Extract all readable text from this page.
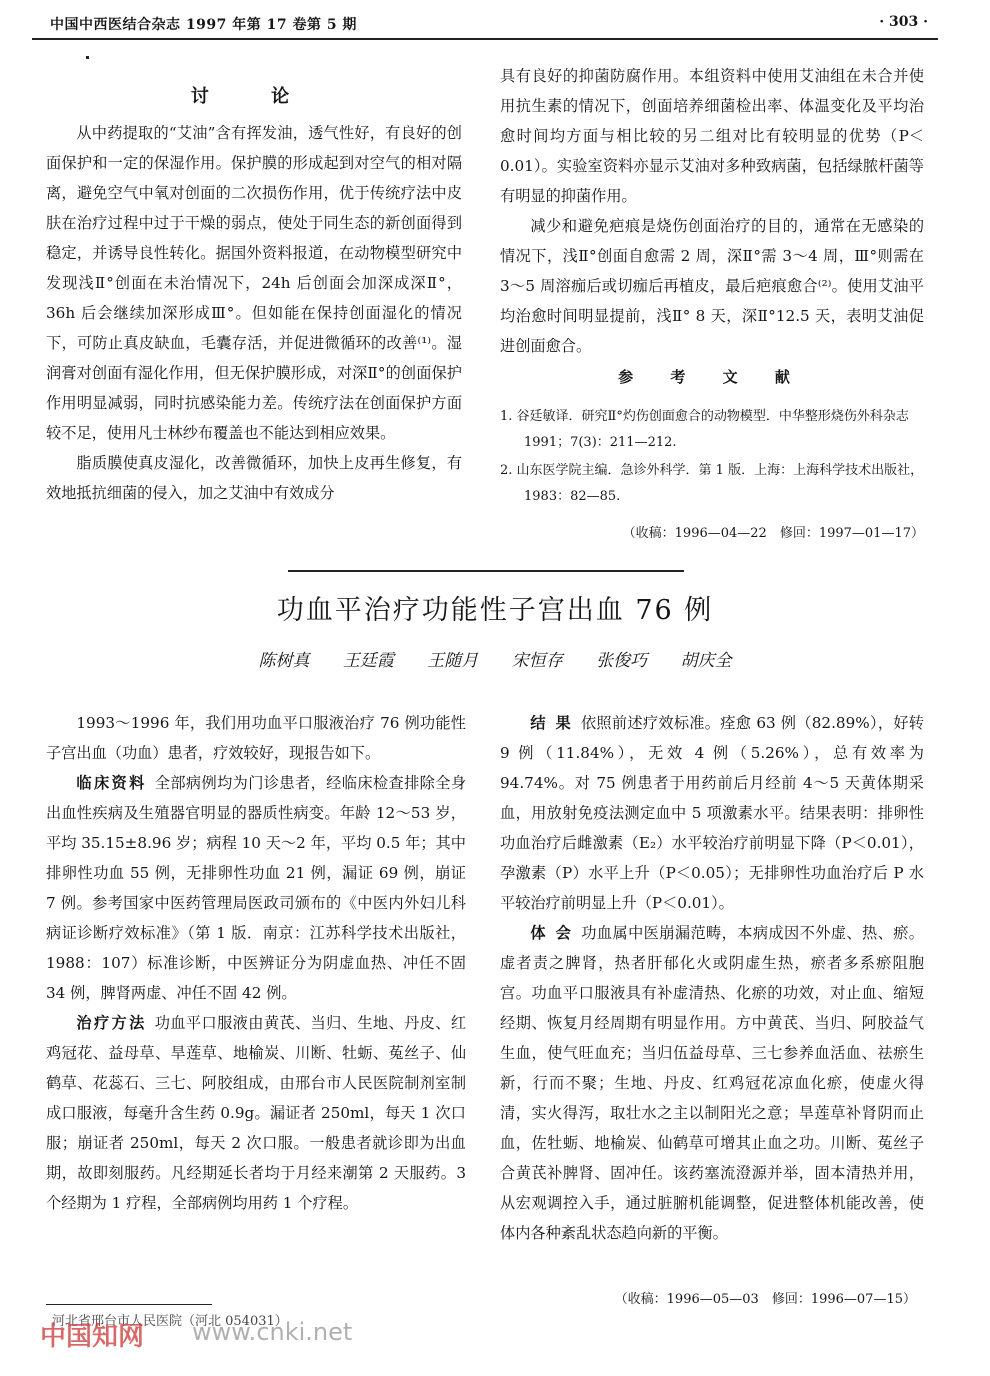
中国中西医结合杂志 1997 年第 17 卷第 5 期	· 303 ·
讨 论

从中药提取的“艾油”含有挥发油，透气性好，有良好的创面保护和一定的保湿作用。保护膜的形成起到对空气的相对隔离，避免空气中氧对创面的二次损伤作用，优于传统疗法中皮肤在治疗过程中过于干燥的弱点，使处于同生态的新创面得到稳定，并诱导良性转化。据国外资料报道，在动物模型研究中发现浅Ⅱ°创面在未治情况下，24h 后创面会加深成深Ⅱ°，36h 后会继续加深形成Ⅲ°。但如能在保持创面湿化的情况下，可防止真皮缺血，毛囊存活，并促进微循环的改善⁽¹⁾。湿润膏对创面有湿化作用，但无保护膜形成，对深Ⅱ°的创面保护作用明显减弱，同时抗感染能力差。传统疗法在创面保护方面较不足，使用凡士林纱布覆盖也不能达到相应效果。

脂质膜使真皮湿化，改善微循环，加快上皮再生修复，有效地抵抗细菌的侵入，加之艾油中有效成分

具有良好的抑菌防腐作用。本组资料中使用艾油组在未合并使用抗生素的情况下，创面培养细菌检出率、体温变化及平均治愈时间均方面与相比较的另二组对比有较明显的优势（P＜0.01）。实验室资料亦显示艾油对多种致病菌，包括绿脓杆菌等有明显的抑菌作用。

减少和避免疤痕是烧伤创面治疗的目的，通常在无感染的情况下，浅Ⅱ°创面自愈需 2 周，深Ⅱ°需 3～4 周，Ⅲ°则需在 3～5 周溶痂后或切痂后再植皮，最后疤痕愈合⁽²⁾。使用艾油平均治愈时间明显提前，浅Ⅱ° 8 天，深Ⅱ°12.5 天，表明艾油促进创面愈合。

参 考 文 献

1. 谷廷敏译．研究Ⅱ°灼伤创面愈合的动物模型．中华整形烧伤外科杂志 1991；7(3)：211—212.

2. 山东医学院主编．急诊外科学．第 1 版．上海：上海科学技术出版社，1983：82—85.

（收稿：1996—04—22　修回：1997—01—17）
功血平治疗功能性子宫出血 76 例
陈树真 王廷霞 王随月 宋恒存 张俊巧 胡庆全

1993～1996 年，我们用功血平口服液治疗 76 例功能性子宫出血（功血）患者，疗效较好，现报告如下。

临床资料 全部病例均为门诊患者，经临床检查排除全身出血性疾病及生殖器官明显的器质性病变。年龄 12～53 岁，平均 35.15±8.96 岁；病程 10 天～2 年，平均 0.5 年；其中排卵性功血 55 例，无排卵性功血 21 例，漏证 69 例，崩证 7 例。参考国家中医药管理局医政司颁布的《中医内外妇儿科病证诊断疗效标准》（第 1 版．南京：江苏科学技术出版社，1988：107）标准诊断，中医辨证分为阴虚血热、冲任不固 34 例，脾肾两虚、冲任不固 42 例。

治疗方法 功血平口服液由黄芪、当归、生地、丹皮、红鸡冠花、益母草、旱莲草、地榆炭、川断、牡蛎、菟丝子、仙鹤草、花蕊石、三七、阿胶组成，由邢台市人民医院制剂室制成口服液，每毫升含生药 0.9g。漏证者 250ml，每天 1 次口服；崩证者 250ml，每天 2 次口服。一般患者就诊即为出血期，故即刻服药。凡经期延长者均于月经来潮第 2 天服药。3 个经期为 1 疗程，全部病例均用药 1 个疗程。

结 果 依照前述疗效标准。痊愈 63 例（82.89%），好转 9 例（11.84%），无效 4 例（5.26%），总有效率为 94.74%。对 75 例患者于用药前后月经前 4～5 天黄体期采血，用放射免疫法测定血中 5 项激素水平。结果表明：排卵性功血治疗后雌激素（E₂）水平较治疗前明显下降（P＜0.01），孕激素（P）水平上升（P＜0.05）；无排卵性功血治疗后 P 水平较治疗前明显上升（P＜0.01）。

体 会 功血属中医崩漏范畴，本病成因不外虚、热、瘀。虚者责之脾肾，热者肝郁化火或阴虚生热，瘀者多系瘀阻胞宫。功血平口服液具有补虚清热、化瘀的功效，对止血、缩短经期、恢复月经周期有明显作用。方中黄芪、当归、阿胶益气生血，使气旺血充；当归伍益母草、三七参养血活血、祛瘀生新，行而不聚；生地、丹皮、红鸡冠花凉血化瘀，使虚火得清，实火得泻，取壮水之主以制阳光之意；旱莲草补肾阴而止血，佐牡蛎、地榆炭、仙鹤草可增其止血之功。川断、菟丝子合黄芪补脾肾、固冲任。该药塞流澄源并举，固本清热并用，从宏观调控入手，通过脏腑机能调整，促进整体机能改善，使体内各种紊乱状态趋向新的平衡。

（收稿：1996—05—03　修回：1996—07—15）
河北省邢台市人民医院（河北 054031）
中国知网 www.cnki.net
